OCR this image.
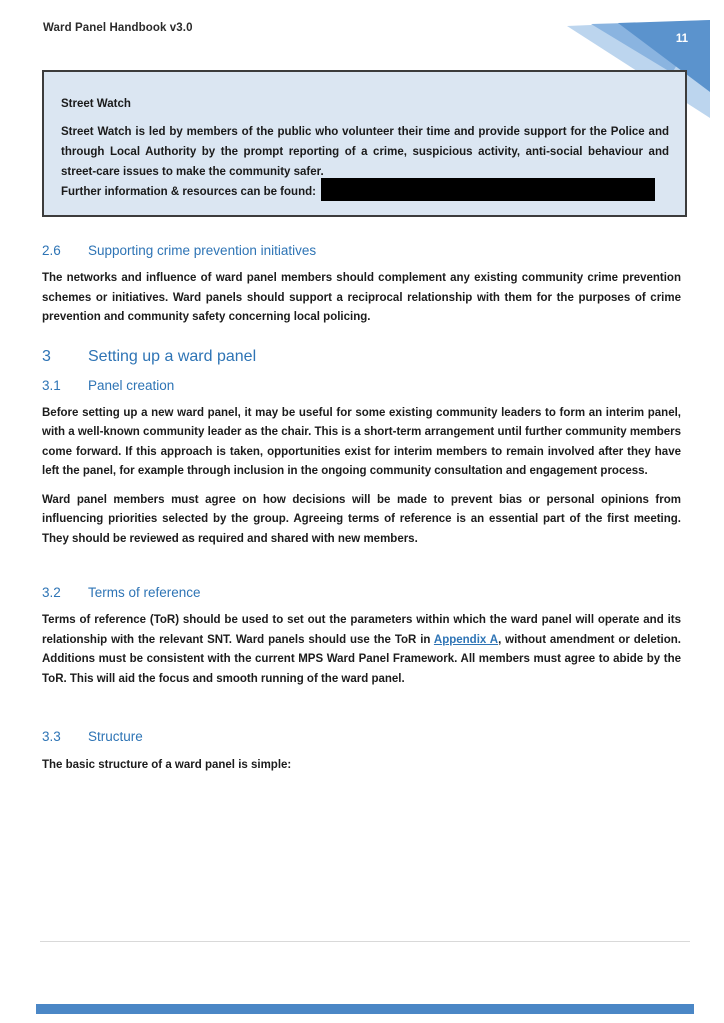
Ward Panel Handbook v3.0
11
Street Watch
Street Watch is led by members of the public who volunteer their time and provide support for the Police and through Local Authority by the prompt reporting of a crime, suspicious activity, anti-social behaviour and street-care issues to make the community safer.
Further information & resources can be found:
2.6 Supporting crime prevention initiatives

The networks and influence of ward panel members should complement any existing community crime prevention schemes or initiatives. Ward panels should support a reciprocal relationship with them for the purposes of crime prevention and community safety concerning local policing.

3 Setting up a ward panel
3.1 Panel creation

Before setting up a new ward panel, it may be useful for some existing community leaders to form an interim panel, with a well-known community leader as the chair. This is a short-term arrangement until further community members come forward. If this approach is taken, opportunities exist for interim members to remain involved after they have left the panel, for example through inclusion in the ongoing community consultation and engagement process.

Ward panel members must agree on how decisions will be made to prevent bias or personal opinions from influencing priorities selected by the group. Agreeing terms of reference is an essential part of the first meeting. They should be reviewed as required and shared with new members.

3.2 Terms of reference

Terms of reference (ToR) should be used to set out the parameters within which the ward panel will operate and its relationship with the relevant SNT. Ward panels should use the ToR in Appendix A, without amendment or deletion. Additions must be consistent with the current MPS Ward Panel Framework. All members must agree to abide by the ToR. This will aid the focus and smooth running of the ward panel.

3.3 Structure

The basic structure of a ward panel is simple:
